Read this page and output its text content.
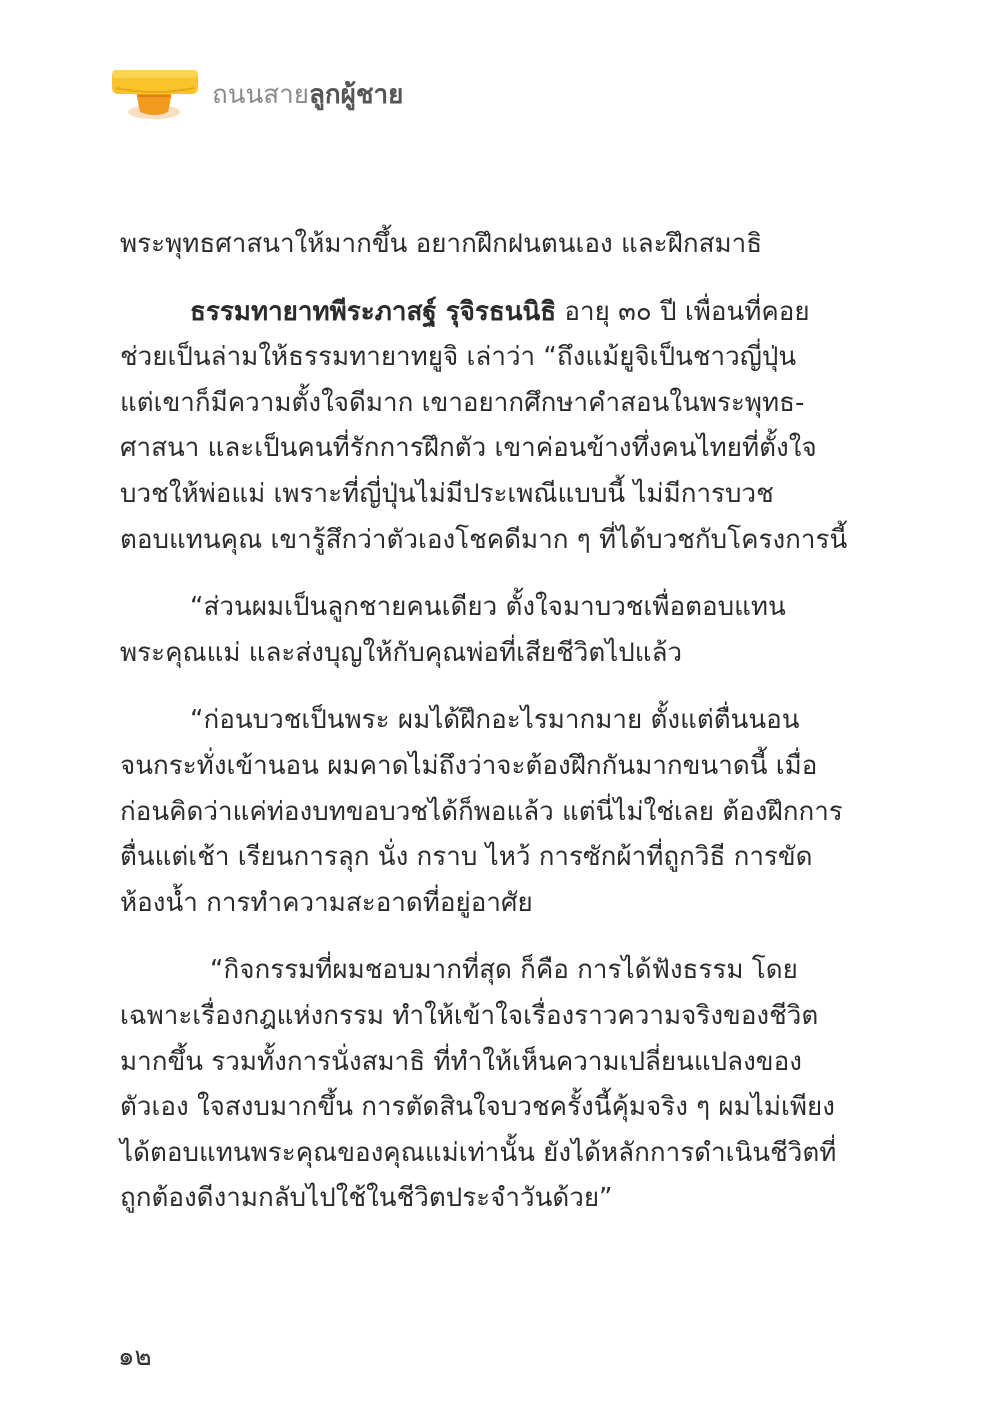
ถนนสายลูกผู้ชาย

พระพุทธศาสนาให้มากขึ้น อยากฝึกฝนตนเอง และฝึกสมาธิ

ธรรมทายาทพีระภาสฐ์ รุจิรธนนิธิ อายุ ๓๐ ปี เพื่อนที่คอย
ช่วยเป็นล่ามให้ธรรมทายาทยูจิ เล่าว่า “ถึงแม้ยูจิเป็นชาวญี่ปุ่น
แต่เขาก็มีความตั้งใจดีมาก เขาอยากศึกษาคำสอนในพระพุทธ-
ศาสนา และเป็นคนที่รักการฝึกตัว เขาค่อนข้างทึ่งคนไทยที่ตั้งใจ
บวชให้พ่อแม่ เพราะที่ญี่ปุ่นไม่มีประเพณีแบบนี้ ไม่มีการบวช
ตอบแทนคุณ เขารู้สึกว่าตัวเองโชคดีมาก ๆ ที่ได้บวชกับโครงการนี้

“ส่วนผมเป็นลูกชายคนเดียว ตั้งใจมาบวชเพื่อตอบแทน
พระคุณแม่ และส่งบุญให้กับคุณพ่อที่เสียชีวิตไปแล้ว

“ก่อนบวชเป็นพระ ผมได้ฝึกอะไรมากมาย ตั้งแต่ตื่นนอน
จนกระทั่งเข้านอน ผมคาดไม่ถึงว่าจะต้องฝึกกันมากขนาดนี้ เมื่อ
ก่อนคิดว่าแค่ท่องบทขอบวชได้ก็พอแล้ว แต่นี่ไม่ใช่เลย ต้องฝึกการ
ตื่นแต่เช้า เรียนการลุก นั่ง กราบ ไหว้ การซักผ้าที่ถูกวิธี การขัด
ห้องน้ำ การทำความสะอาดที่อยู่อาศัย

“กิจกรรมที่ผมชอบมากที่สุด ก็คือ การได้ฟังธรรม โดย
เฉพาะเรื่องกฎแห่งกรรม ทำให้เข้าใจเรื่องราวความจริงของชีวิต
มากขึ้น รวมทั้งการนั่งสมาธิ ที่ทำให้เห็นความเปลี่ยนแปลงของ
ตัวเอง ใจสงบมากขึ้น การตัดสินใจบวชครั้งนี้คุ้มจริง ๆ ผมไม่เพียง
ได้ตอบแทนพระคุณของคุณแม่เท่านั้น ยังได้หลักการดำเนินชีวิตที่
ถูกต้องดีงามกลับไปใช้ในชีวิตประจำวันด้วย”

๑๒
